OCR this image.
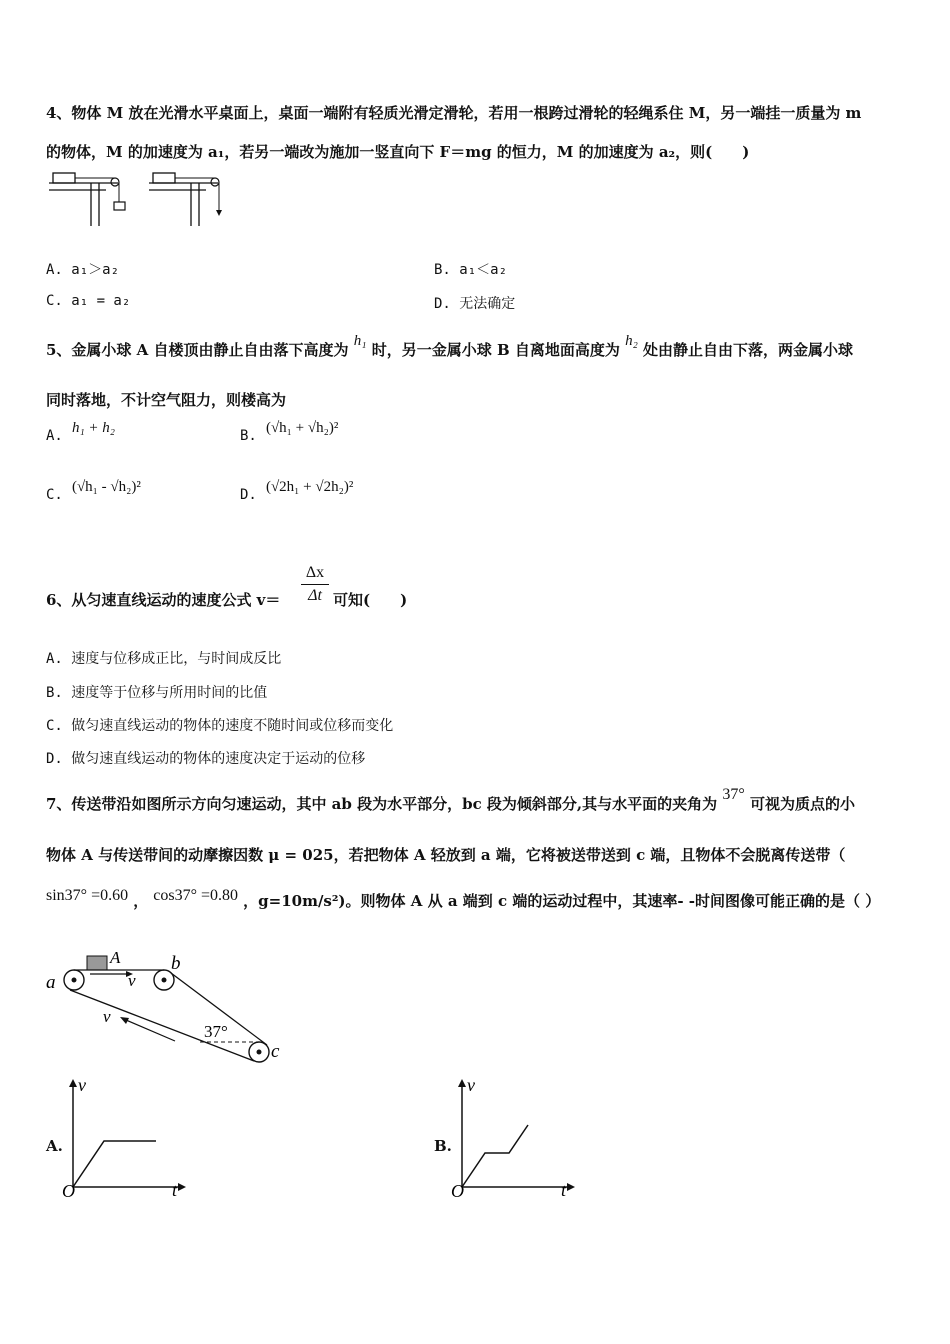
4、物体 M 放在光滑水平桌面上，桌面一端附有轻质光滑定滑轮，若用一根跨过滑轮的轻绳系住 M，另一端挂一质量为 m
的物体，M 的加速度为 a₁，若另一端改为施加一竖直向下 F＝mg 的恒力，M 的加速度为 a₂，则(　　)
A. a₁＞a₂	B. a₁＜a₂
C. a₁ = a₂	D. 无法确定
5、金属小球 A 自楼顶由静止自由落下高度为 h₁ 时，另一金属小球 B 自离地面高度为 h₂ 处由静止自由下落，两金属小球
同时落地，不计空气阻力，则楼高为
A. h₁ + h₂	B. (√h₁ + √h₂)²
C. (√h₁ - √h₂)²	D. (√2h₁ + √2h₂)²
6、从匀速直线运动的速度公式 v＝
Δx
Δt 可知(　　)
A. 速度与位移成正比，与时间成反比
B. 速度等于位移与所用时间的比值
C. 做匀速直线运动的物体的速度不随时间或位移而变化
D. 做匀速直线运动的物体的速度决定于运动的位移
7、传送带沿如图所示方向匀速运动，其中 ab 段为水平部分，bc 段为倾斜部分,其与水平面的夹角为 37° 可视为质点的小
物体 A 与传送带间的动摩擦因数 μ = 025，若把物体 A 轻放到 a 端，它将被送带送到 c 端，且物体不会脱离传送带（
sin37° =0.60 ， cos37° =0.80 ，g=10m/s²)。则物体 A 从 a 端到 c 端的运动过程中，其速率- -时间图像可能正确的是（ ）
A
v
v
37°
a
b
c
A.
v
t
O
B.
v
t
O
